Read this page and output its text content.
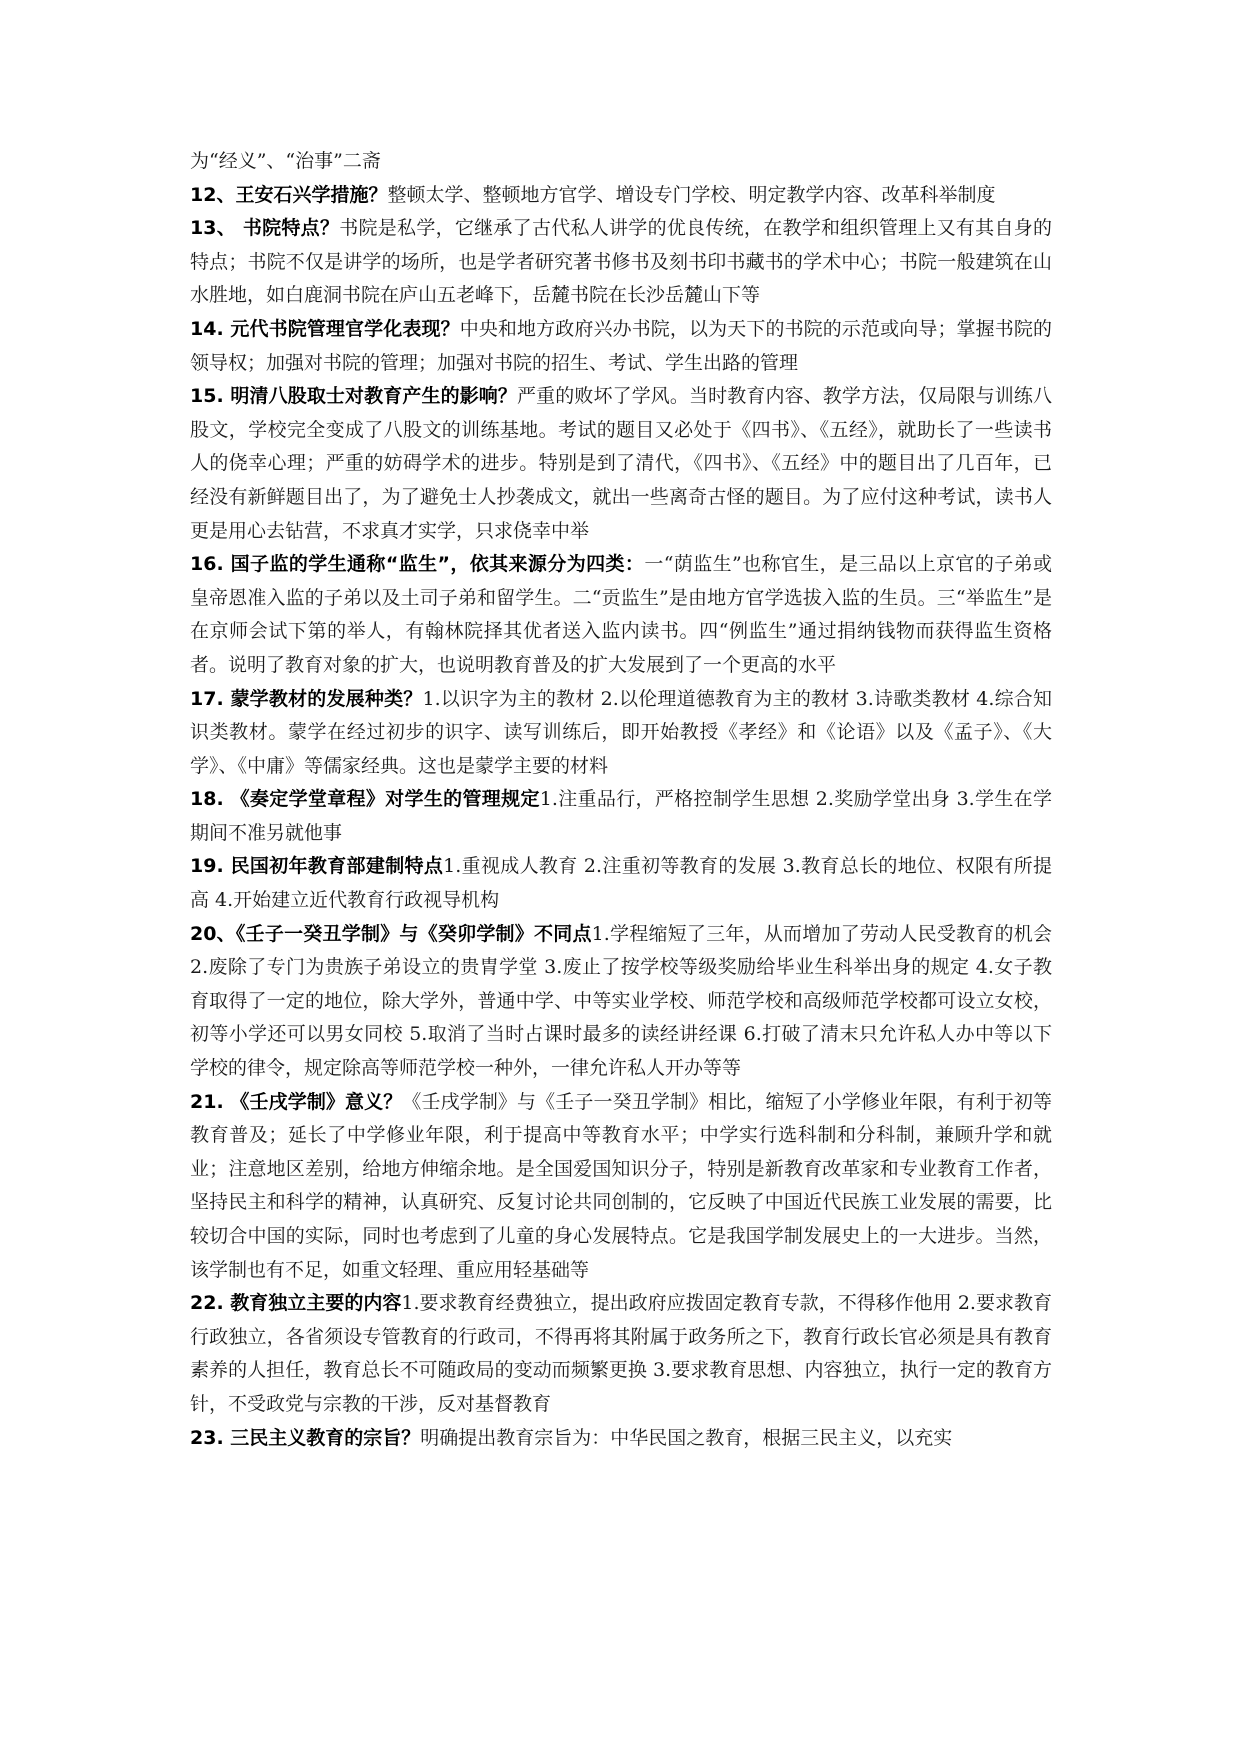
为“经义”、“治事”二斋

12、王安石兴学措施？整顿太学、整顿地方官学、增设专门学校、明定教学内容、改革科举制度

13、 书院特点？书院是私学，它继承了古代私人讲学的优良传统，在教学和组织管理上又有其自身的特点；书院不仅是讲学的场所，也是学者研究著书修书及刻书印书藏书的学术中心；书院一般建筑在山水胜地，如白鹿洞书院在庐山五老峰下，岳麓书院在长沙岳麓山下等

14. 元代书院管理官学化表现？中央和地方政府兴办书院，以为天下的书院的示范或向导；掌握书院的领导权；加强对书院的管理；加强对书院的招生、考试、学生出路的管理

15. 明清八股取士对教育产生的影响？严重的败坏了学风。当时教育内容、教学方法，仅局限与训练八股文，学校完全变成了八股文的训练基地。考试的题目又必处于《四书》、《五经》，就助长了一些读书人的侥幸心理；严重的妨碍学术的进步。特别是到了清代，《四书》、《五经》中的题目出了几百年，已经没有新鲜题目出了，为了避免士人抄袭成文，就出一些离奇古怪的题目。为了应付这种考试，读书人更是用心去钻营，不求真才实学，只求侥幸中举

16. 国子监的学生通称“监生”，依其来源分为四类：一“荫监生”也称官生，是三品以上京官的子弟或皇帝恩准入监的子弟以及土司子弟和留学生。二“贡监生”是由地方官学选拔入监的生员。三“举监生”是在京师会试下第的举人，有翰林院择其优者送入监内读书。四“例监生”通过捐纳钱物而获得监生资格者。说明了教育对象的扩大，也说明教育普及的扩大发展到了一个更高的水平

17. 蒙学教材的发展种类？1.以识字为主的教材 2.以伦理道德教育为主的教材 3.诗歌类教材 4.综合知识类教材。蒙学在经过初步的识字、读写训练后，即开始教授《孝经》和《论语》以及《孟子》、《大学》、《中庸》等儒家经典。这也是蒙学主要的材料

18. 《奏定学堂章程》对学生的管理规定1.注重品行，严格控制学生思想 2.奖励学堂出身 3.学生在学期间不准另就他事

19. 民国初年教育部建制特点1.重视成人教育 2.注重初等教育的发展 3.教育总长的地位、权限有所提高 4.开始建立近代教育行政视导机构

20、《壬子一癸丑学制》与《癸卯学制》不同点1.学程缩短了三年，从而增加了劳动人民受教育的机会 2.废除了专门为贵族子弟设立的贵胄学堂 3.废止了按学校等级奖励给毕业生科举出身的规定 4.女子教育取得了一定的地位，除大学外，普通中学、中等实业学校、师范学校和高级师范学校都可设立女校，初等小学还可以男女同校 5.取消了当时占课时最多的读经讲经课 6.打破了清末只允许私人办中等以下学校的律令，规定除高等师范学校一种外，一律允许私人开办等等

21. 《壬戌学制》意义？《壬戌学制》与《壬子一癸丑学制》相比，缩短了小学修业年限，有利于初等教育普及；延长了中学修业年限，利于提高中等教育水平；中学实行选科制和分科制，兼顾升学和就业；注意地区差别，给地方伸缩余地。是全国爱国知识分子，特别是新教育改革家和专业教育工作者，坚持民主和科学的精神，认真研究、反复讨论共同创制的，它反映了中国近代民族工业发展的需要，比较切合中国的实际，同时也考虑到了儿童的身心发展特点。它是我国学制发展史上的一大进步。当然，该学制也有不足，如重文轻理、重应用轻基础等

22. 教育独立主要的内容1.要求教育经费独立，提出政府应拨固定教育专款，不得移作他用 2.要求教育行政独立，各省须设专管教育的行政司，不得再将其附属于政务所之下，教育行政长官必须是具有教育素养的人担任，教育总长不可随政局的变动而频繁更换 3.要求教育思想、内容独立，执行一定的教育方针，不受政党与宗教的干涉，反对基督教育

23. 三民主义教育的宗旨？明确提出教育宗旨为：中华民国之教育，根据三民主义，以充实
